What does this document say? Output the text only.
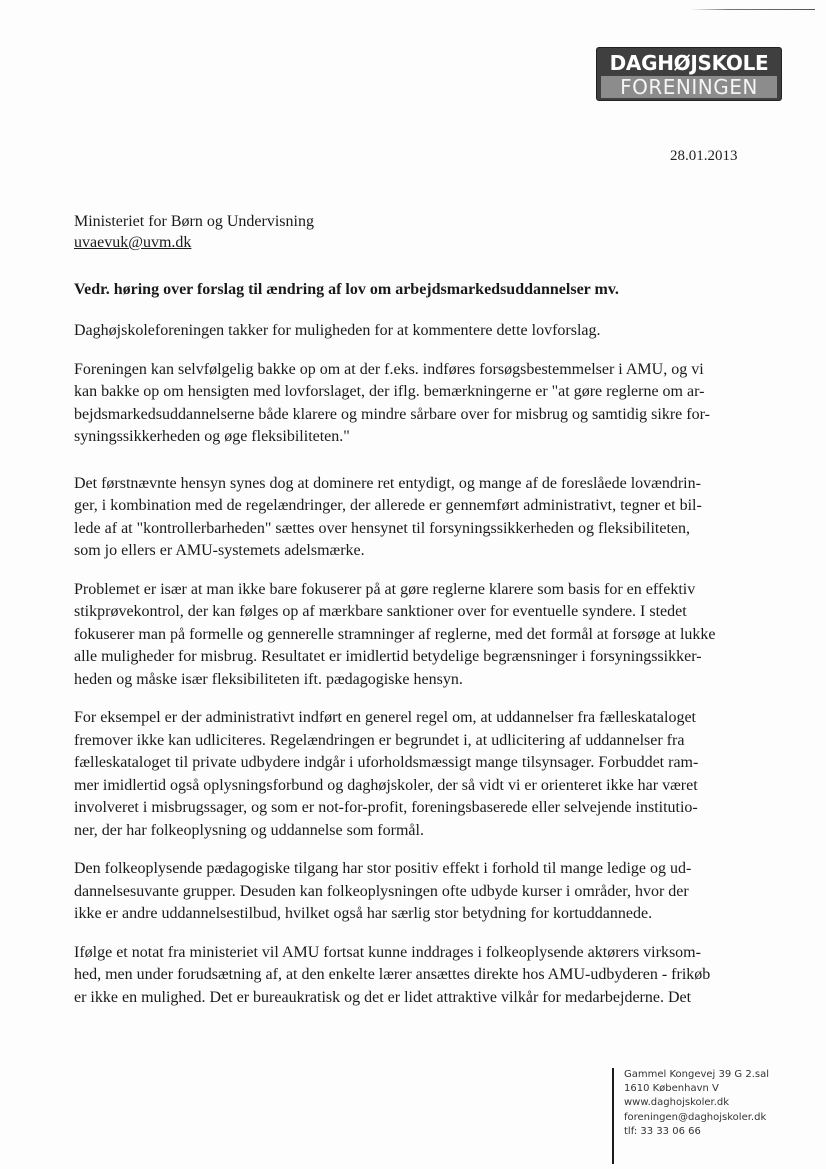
DAGHØJSKOLE
FORENINGEN
28.01.2013
Ministeriet for Børn og Undervisning
uvaevuk@uvm.dk
Vedr. høring over forslag til ændring af lov om arbejdsmarkedsuddannelser mv.

Daghøjskoleforeningen takker for muligheden for at kommentere dette lovforslag.

Foreningen kan selvfølgelig bakke op om at der f.eks. indføres forsøgsbestemmelser i AMU, og vi
kan bakke op om hensigten med lovforslaget, der iflg. bemærkningerne er "at gøre reglerne om ar-
bejdsmarkedsuddannelserne både klarere og mindre sårbare over for misbrug og samtidig sikre for-
syningssikkerheden og øge fleksibiliteten."

Det førstnævnte hensyn synes dog at dominere ret entydigt, og mange af de foreslåede lovændrin-
ger, i kombination med de regelændringer, der allerede er gennemført administrativt, tegner et bil-
lede af at "kontrollerbarheden" sættes over hensynet til forsyningssikkerheden og fleksibiliteten,
som jo ellers er AMU-systemets adelsmærke.

Problemet er især at man ikke bare fokuserer på at gøre reglerne klarere som basis for en effektiv
stikprøvekontrol, der kan følges op af mærkbare sanktioner over for eventuelle syndere. I stedet
fokuserer man på formelle og gennerelle stramninger af reglerne, med det formål at forsøge at lukke
alle muligheder for misbrug. Resultatet er imidlertid betydelige begrænsninger i forsyningssikker-
heden og måske især fleksibiliteten ift. pædagogiske hensyn.

For eksempel er der administrativt indført en generel regel om, at uddannelser fra fælleskataloget
fremover ikke kan udliciteres. Regelændringen er begrundet i, at udlicitering af uddannelser fra
fælleskataloget til private udbydere indgår i uforholdsmæssigt mange tilsynsager. Forbuddet ram-
mer imidlertid også oplysningsforbund og daghøjskoler, der så vidt vi er orienteret ikke har været
involveret i misbrugssager, og som er not-for-profit, foreningsbaserede eller selvejende institutio-
ner, der har folkeoplysning og uddannelse som formål.

Den folkeoplysende pædagogiske tilgang har stor positiv effekt i forhold til mange ledige og ud-
dannelsesuvante grupper. Desuden kan folkeoplysningen ofte udbyde kurser i områder, hvor der
ikke er andre uddannelsestilbud, hvilket også har særlig stor betydning for kortuddannede.

Ifølge et notat fra ministeriet vil AMU fortsat kunne inddrages i folkeoplysende aktørers virksom-
hed, men under forudsætning af, at den enkelte lærer ansættes direkte hos AMU-udbyderen - frikøb
er ikke en mulighed. Det er bureaukratisk og det er lidet attraktive vilkår for medarbejderne. Det

Gammel Kongevej 39 G 2.sal
1610 København V
www.daghojskoler.dk
foreningen@daghojskoler.dk
tlf: 33 33 06 66
